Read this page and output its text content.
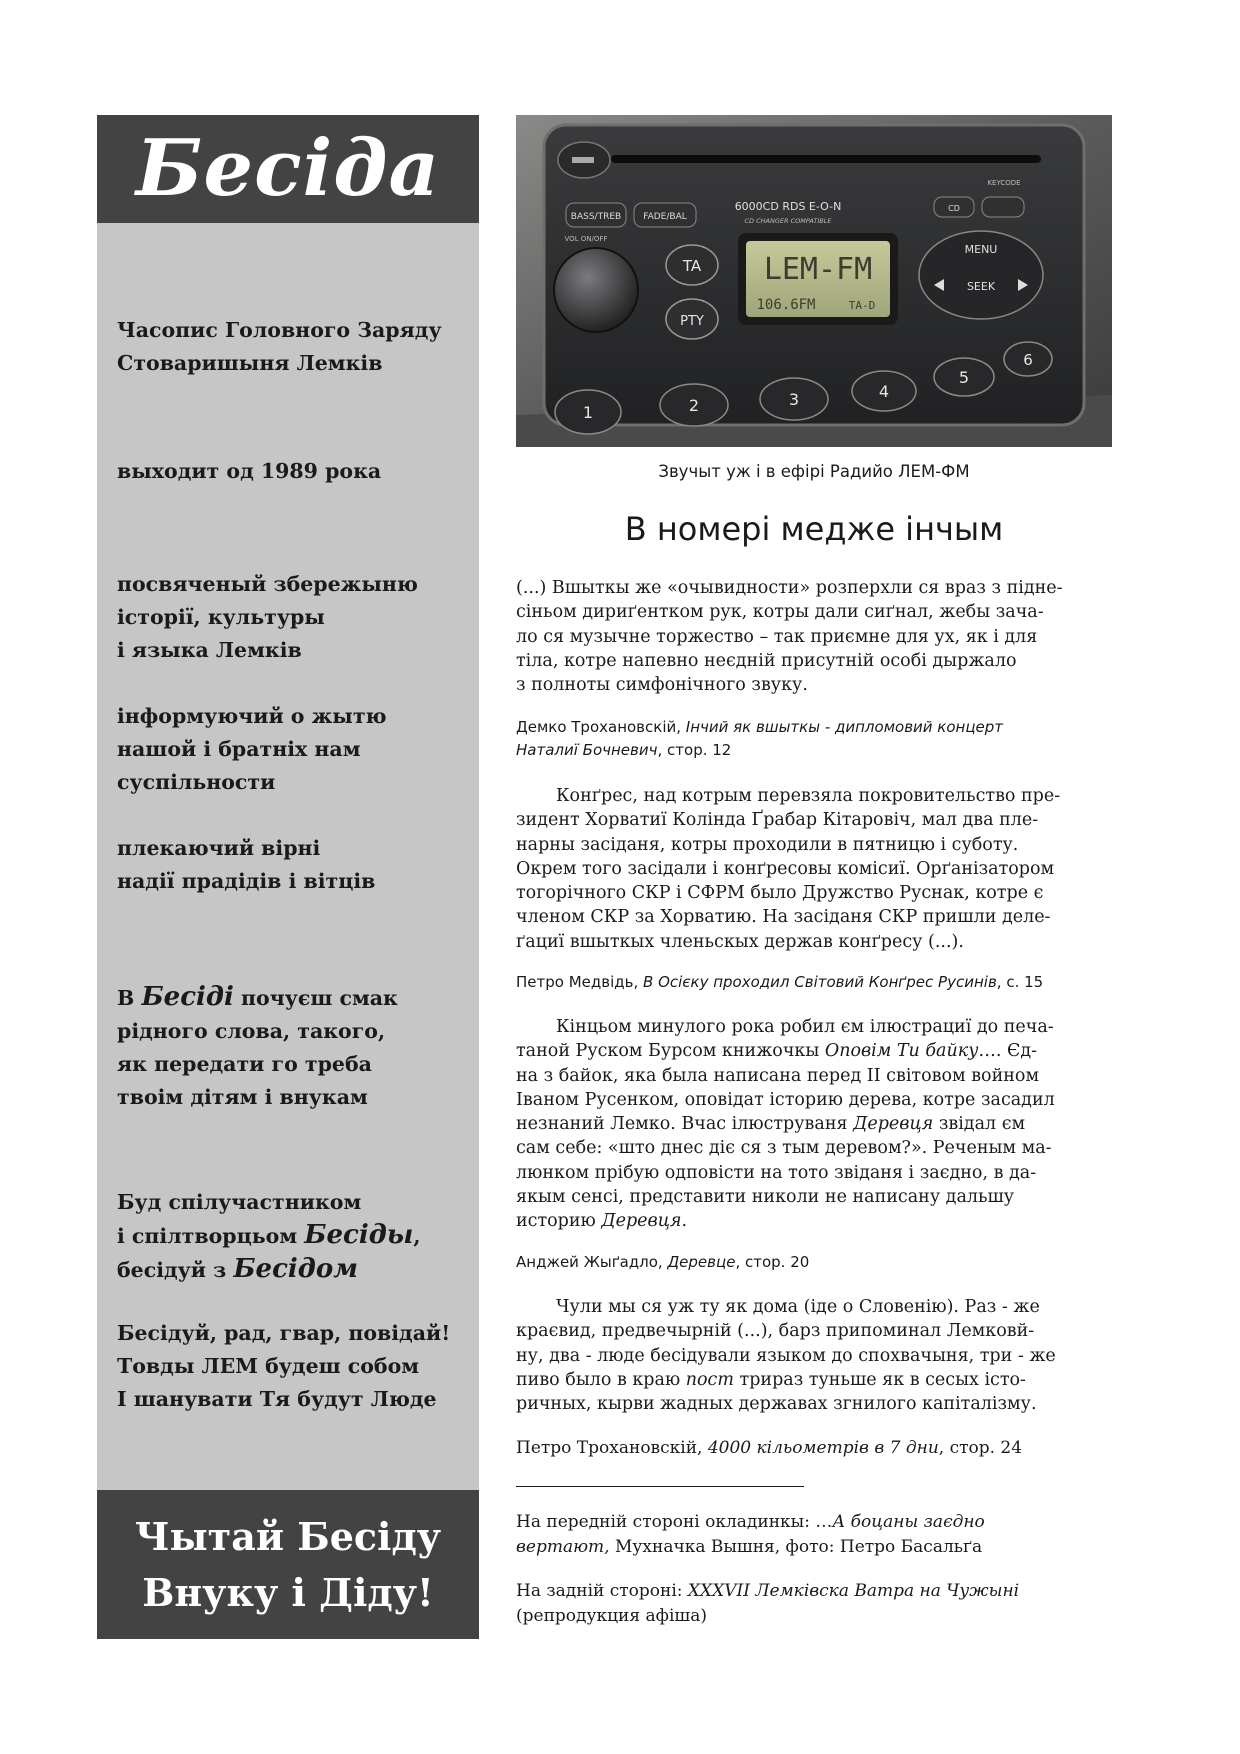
Бесіда
Часопис Головного Заряду
Стоваришыня Лемків
выходит од 1989 рока
посвяченый збережыню
історії, культуры
і языка Лемків
інформуючий о жытю
нашой і братніх нам
суспільности
плекаючий вірні
надії прадідів і вітців
В Бесіді почуєш смак
рідного слова, такого,
як передати го треба
твоім дітям і внукам
Буд спілучастником
і спілтворцьом Бесіды,
бесідуй з Бесідом
Бесідуй, рад, гвар, повідай!
Товды ЛЕМ будеш собом
І шанувати Тя будут Люде
Чытай Бесіду
Внуку і Діду!
BASS/TREB FADE/BAL
VOL ON/OFF
6000CD RDS E-O-N
CD CHANGER COMPATIBLE
KEYCODE
TA
PTY
LEM-FM
106.6FM	TA-D
CD
MENU
SEEK
1	2	3	4
5
6
Звучыт уж і в ефірі Радийо ЛЕМ-ФМ
В номері медже інчым
(...) Вшыткы же «очывидности» розперхли ся враз з підне-
сіньом дириґентком рук, котры дали сиґнал, жебы зача-
ло ся музычне торжество – так приємне для ух, як і для
тіла, котре напевно неєдній присутній особі дыржало
з полноты симфонічного звуку.
Демко Трохановскій, Інчий як вшыткы - дипломовий концерт
Наталиї Бочневич, стор. 12
Конґрес, над котрым перевзяла покровительство пре-
зидент Хорватиї Колінда Ґрабар Кітаровіч, мал два пле-
нарны засіданя, котры проходили в пятницю і суботу.
Окрем того засідали і конґресовы комісиї. Орґанізатором
тогорічного СКР і СФРМ было Дружство Руснак, котре є
членом СКР за Хорватию. На засіданя СКР пришли деле-
ґациї вшыткых членьскых держав конґресу (...).
Петро Медвідь, В Осієку проходил Світовий Конґрес Русинів, с. 15
Кінцьом минулого рока робил єм ілюстрациї до печа-
таной Руском Бурсом книжочкы Оповім Ти байку…. Єд-
на з байок, яка была написана перед ІІ світовом войном
Іваном Русенком, оповідат історию дерева, котре засадил
незнаний Лемко. Вчас ілюструваня Деревця звідал єм
сам себе: «што днес діє ся з тым деревом?». Реченым ма-
люнком прібую одповісти на тото звіданя і заєдно, в да-
якым сенсі, представити николи не написану дальшу
историю Деревця.
Анджей Жыґадло, Деревце, стор. 20
Чули мы ся уж ту як дома (іде о Словенію). Раз - же
краєвид, предвечырній (...), барз припоминал Лемковй-
ну, два - люде бесідували языком до спохвачыня, три - же
пиво было в краю пост трираз туньше як в сесых істо-
ричных, кырви жадных державах згнилого капіталізму.
Петро Трохановскій, 4000 кільометрів в 7 дни, стор. 24
На передній стороні окладинкы: …А боцаны заєдно
вертают, Мухначка Вышня, фото: Петро Басальґа
На задній стороні: XXXVII Лемківска Ватра на Чужыні
(репродукция афіша)
